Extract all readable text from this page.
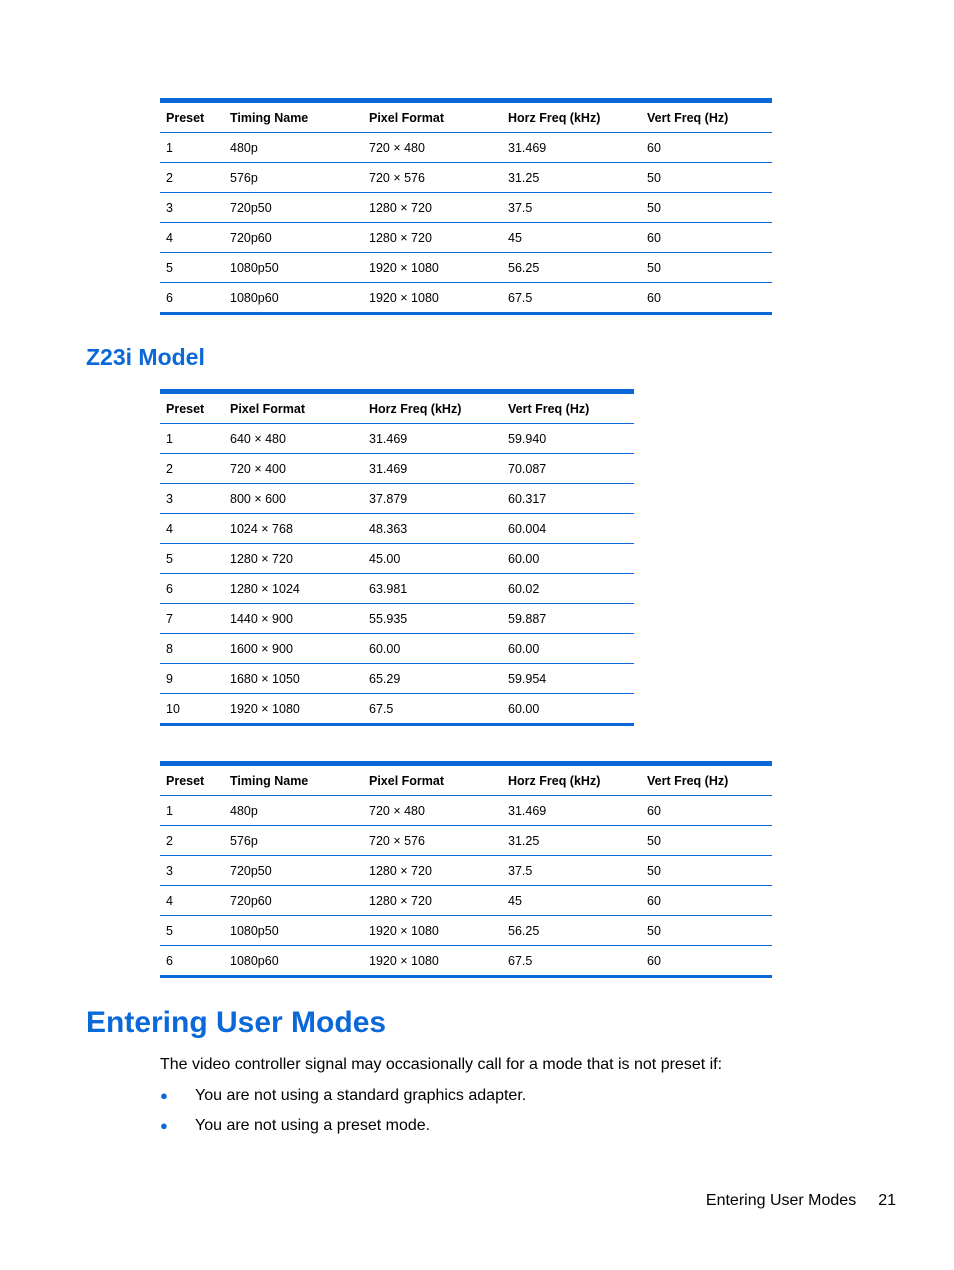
Preset	Timing Name	Pixel Format	Horz Freq (kHz)	Vert Freq (Hz)
1	480p	720 × 480	31.469	60
2	576p	720 × 576	31.25	50
3	720p50	1280 × 720	37.5	50
4	720p60	1280 × 720	45	60
5	1080p50	1920 × 1080	56.25	50
6	1080p60	1920 × 1080	67.5	60
Z23i Model
Preset	Pixel Format	Horz Freq (kHz)	Vert Freq (Hz)
1	640 × 480	31.469	59.940
2	720 × 400	31.469	70.087
3	800 × 600	37.879	60.317
4	1024 × 768	48.363	60.004
5	1280 × 720	45.00	60.00
6	1280 × 1024	63.981	60.02
7	1440 × 900	55.935	59.887
8	1600 × 900	60.00	60.00
9	1680 × 1050	65.29	59.954
10	1920 × 1080	67.5	60.00
Preset	Timing Name	Pixel Format	Horz Freq (kHz)	Vert Freq (Hz)
1	480p	720 × 480	31.469	60
2	576p	720 × 576	31.25	50
3	720p50	1280 × 720	37.5	50
4	720p60	1280 × 720	45	60
5	1080p50	1920 × 1080	56.25	50
6	1080p60	1920 × 1080	67.5	60
Entering User Modes

The video controller signal may occasionally call for a mode that is not preset if:

● You are not using a standard graphics adapter.
● You are not using a preset mode.
Entering User Modes 21
